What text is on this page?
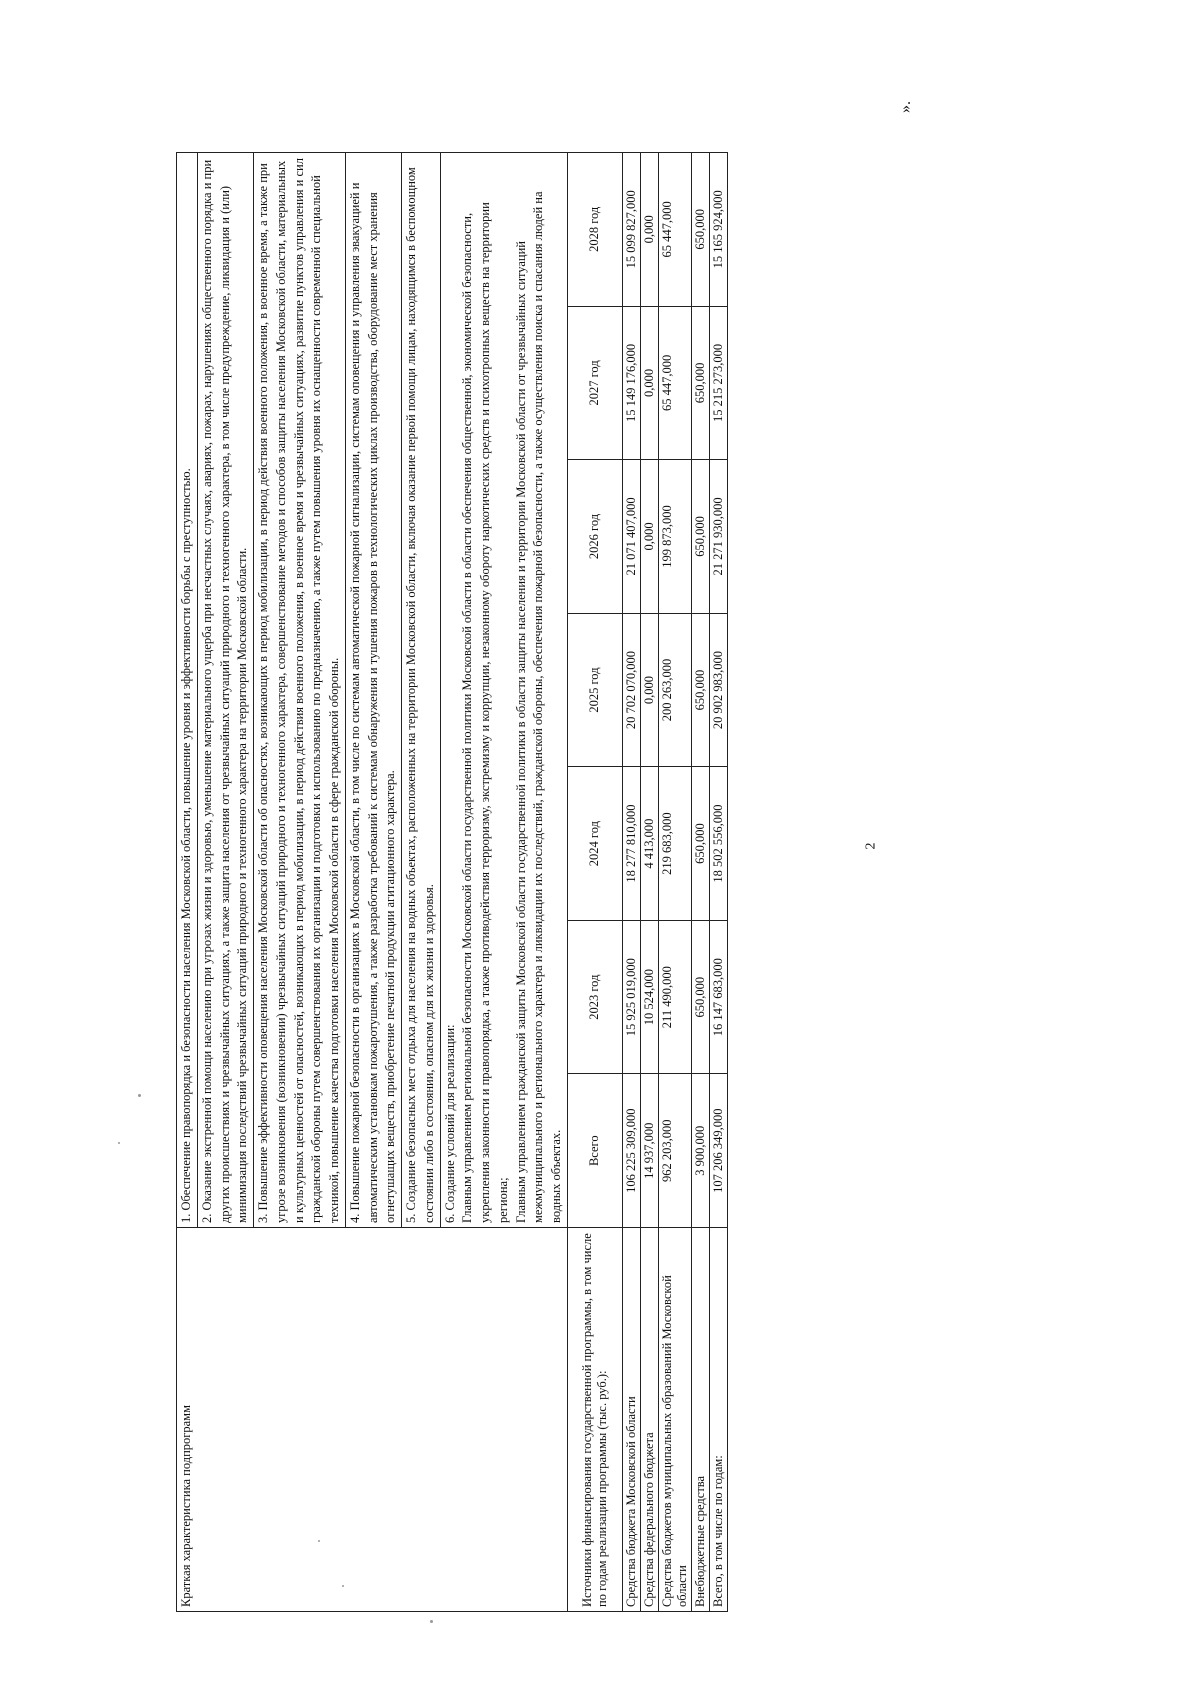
Краткая характеристика подпрограмм	1. Обеспечение правопорядка и безопасности населения Московской области, повышение уровня и эффективности борьбы с преступностью.
2. Оказание экстренной помощи населению при угрозах жизни и здоровью, уменьшение материального ущерба при несчастных случаях, авариях, пожарах, нарушениях общественного порядка и при других происшествиях и чрезвычайных ситуациях, а также защита населения от чрезвычайных ситуаций природного и техногенного характера, в том числе предупреждение, ликвидация и (или) минимизация последствий чрезвычайных ситуаций природного и техногенного характера на территории Московской области.
3. Повышение эффективности оповещения населения Московской области об опасностях, возникающих в период мобилизации, в период действия военного положения, в военное время, а также при угрозе возникновения (возникновении) чрезвычайных ситуаций природного и техногенного характера, совершенствование методов и способов защиты населения Московской области, материальных и культурных ценностей от опасностей, возникающих в период мобилизации, в период действия военного положения, в военное время и чрезвычайных ситуациях, развитие пунктов управления и сил гражданской обороны путем совершенствования их организации и подготовки к использованию по предназначению, а также путем повышения уровня их оснащенности современной специальной техникой, повышение качества подготовки населения Московской области в сфере гражданской обороны.
4. Повышение пожарной безопасности в организациях в Московской области, в том числе по системам автоматической пожарной сигнализации, системам оповещения и управления эвакуацией и автоматическим установкам пожаротушения, а также разработка требований к системам обнаружения и тушения пожаров в технологических циклах производства, оборудование мест хранения огнетушащих веществ, приобретение печатной продукции агитационного характера.
5. Создание безопасных мест отдыха для населения на водных объектах, расположенных на территории Московской области, включая оказание первой помощи лицам, находящимся в беспомощном состоянии либо в состоянии, опасном для их жизни и здоровья.
6. Создание условий для реализации:
Главным управлением региональной безопасности Московской области государственной политики Московской области в области обеспечения общественной, экономической безопасности, укрепления законности и правопорядка, а также противодействия терроризму, экстремизму и коррупции, незаконному обороту наркотических средств и психотропных веществ на территории региона;
Главным управлением гражданской защиты Московской области государственной политики в области защиты населения и территории Московской области от чрезвычайных ситуаций межмуниципального и регионального характера и ликвидации их последствий, гражданской обороны, обеспечения пожарной безопасности, а также осуществления поиска и спасания людей на водных объектах.
Источники финансирования государственной программы, в том числе по годам реализации программы (тыс. руб.):	Всего	2023 год	2024 год	2025 год	2026 год	2027 год	2028 год
Средства бюджета Московской области	106 225 309,000	15 925 019,000	18 277 810,000	20 702 070,000	21 071 407,000	15 149 176,000	15 099 827,000
Средства федерального бюджета	14 937,000	10 524,000	4 413,000	0,000	0,000	0,000	0,000
Средства бюджетов муниципальных образований Московской области	962 203,000	211 490,000	219 683,000	200 263,000	199 873,000	65 447,000	65 447,000
Внебюджетные средства	3 900,000	650,000	650,000	650,000	650,000	650,000	650,000
Всего, в том числе по годам:	107 206 349,000	16 147 683,000	18 502 556,000	20 902 983,000	21 271 930,000	15 215 273,000	15 165 924,000
2
».
